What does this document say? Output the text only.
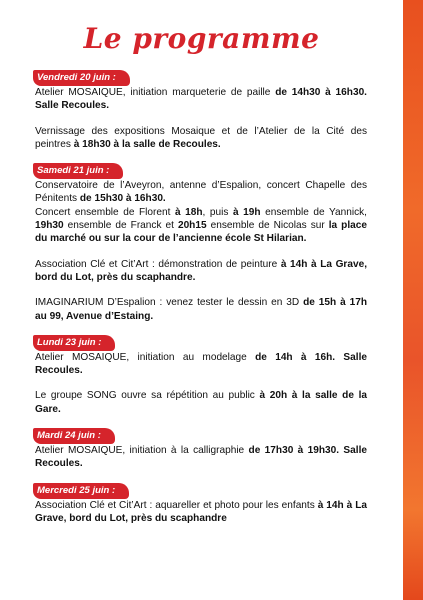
Le programme
Vendredi 20 juin :

Atelier MOSAIQUE, initiation marqueterie de paille de 14h30 à 16h30. Salle Recoules.

Vernissage des expositions Mosaique et de l’Atelier de la Cité des peintres à 18h30 à la salle de Recoules.

Samedi 21 juin :

Conservatoire de l’Aveyron, antenne d’Espalion, concert Chapelle des Pénitents de 15h30 à 16h30.
Concert ensemble de Florent à 18h, puis à 19h ensemble de Yannick, 19h30 ensemble de Franck et 20h15 ensemble de Nicolas sur la place du marché ou sur la cour de l’ancienne école St Hilarian.

Association Clé et Cit’Art : démonstration de peinture à 14h à La Grave, bord du Lot, près du scaphandre.

IMAGINARIUM D’Espalion : venez tester le dessin en 3D de 15h à 17h au 99, Avenue d’Estaing.

Lundi 23 juin :

Atelier MOSAIQUE, initiation au modelage de 14h à 16h. Salle Recoules.

Le groupe SONG ouvre sa répétition au public à 20h à la salle de la Gare.

Mardi 24 juin :

Atelier MOSAIQUE, initiation à la calligraphie de 17h30 à 19h30. Salle Recoules.

Mercredi 25 juin :

Association Clé et Cit’Art : aquareller et photo pour les enfants à 14h à La Grave, bord du Lot, près du scaphandre
